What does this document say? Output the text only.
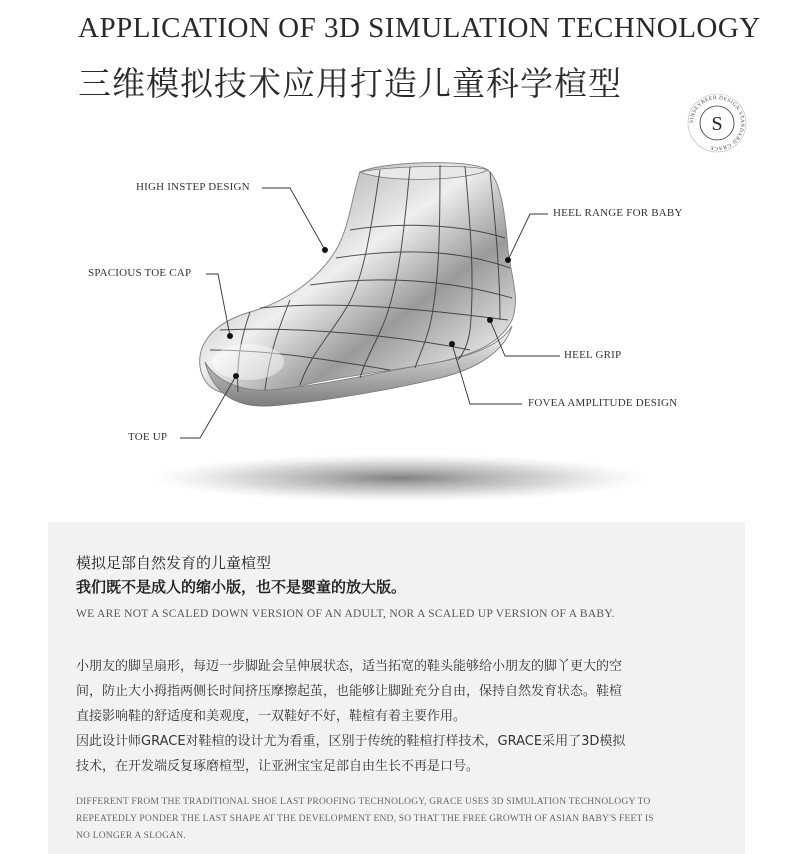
APPLICATION OF 3D SIMULATION TECHNOLOGY
三维模拟技术应用打造儿童科学楦型
SINSEYBEER DESIGN STANDARD GRACE
S
HIGH INSTEP DESIGN
HEEL RANGE FOR BABY
SPACIOUS TOE CAP
HEEL GRIP
FOVEA AMPLITUDE DESIGN
TOE UP
模拟足部自然发育的儿童楦型
我们既不是成人的缩小版，也不是婴童的放大版。
WE ARE NOT A SCALED DOWN VERSION OF AN ADULT, NOR A SCALED UP VERSION OF A BABY.
小朋友的脚呈扇形，每迈一步脚趾会呈伸展状态，适当拓宽的鞋头能够给小朋友的脚丫更大的空
间，防止大小拇指两侧长时间挤压摩擦起茧，也能够让脚趾充分自由，保持自然发育状态。鞋楦
直接影响鞋的舒适度和美观度，一双鞋好不好，鞋楦有着主要作用。
因此设计师GRACE对鞋楦的设计尤为看重，区别于传统的鞋楦打样技术，GRACE采用了3D模拟
技术，在开发端反复琢磨楦型，让亚洲宝宝足部自由生长不再是口号。
DIFFERENT FROM THE TRADITIONAL SHOE LAST PROOFING TECHNOLOGY, GRACE USES 3D SIMULATION TECHNOLOGY TO
REPEATEDLY PONDER THE LAST SHAPE AT THE DEVELOPMENT END, SO THAT THE FREE GROWTH OF ASIAN BABY'S FEET IS
NO LONGER A SLOGAN.
